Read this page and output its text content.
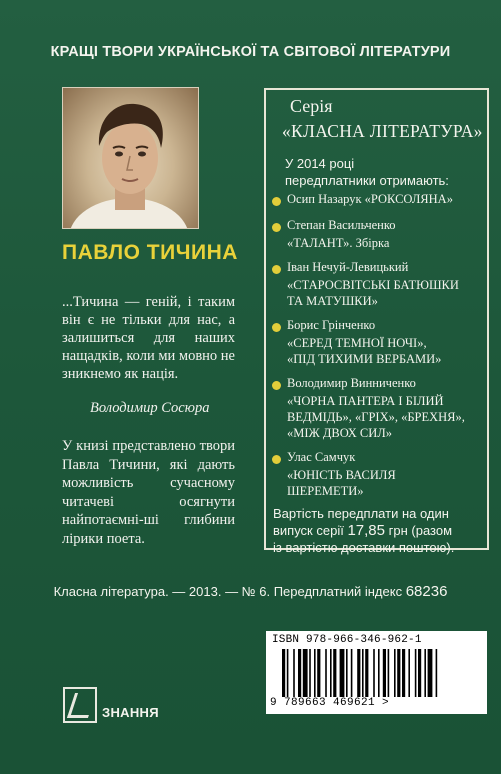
КРАЩІ ТВОРИ УКРАЇНСЬКОЇ ТА СВІТОВОЇ ЛІТЕРАТУРИ
ПАВЛО ТИЧИНА
...Тичина — геній, і таким він є не тільки для нас, а залишиться для наших нащадків, коли ми мовно не зникнемо як нація.
Володимир Сосюра
У книзі представлено твори Павла Тичини, які дають можливість сучасному читачеві осягнути найпотаємні-ші глибини лірики поета.
Серія
«КЛАСНА ЛІТЕРАТУРА»
У 2014 році
передплатники отримають:
Осип Назарук «РОКСОЛЯНА»
Степан Васильченко
«ТАЛАНТ». Збірка
Іван Нечуй-Левицький
«СТАРОСВІТСЬКІ БАТЮШКИ
ТА МАТУШКИ»
Борис Грінченко
«СЕРЕД ТЕМНОЇ НОЧІ»,
«ПІД ТИХИМИ ВЕРБАМИ»
Володимир Винниченко
«ЧОРНА ПАНТЕРА І БІЛИЙ
ВЕДМІДЬ», «ГРІХ», «БРЕХНЯ»,
«МІЖ ДВОХ СИЛ»
Улас Самчук
«ЮНІСТЬ ВАСИЛЯ
ШЕРЕМЕТИ»
Вартість передплати на один
випуск серії 17,85 грн (разом
із вартістю доставки поштою).
Класна література. — 2013. — № 6. Передплатний індекс 68236
ЗНАННЯ
ISBN 978-966-346-962-1
9 789663 469621 >
